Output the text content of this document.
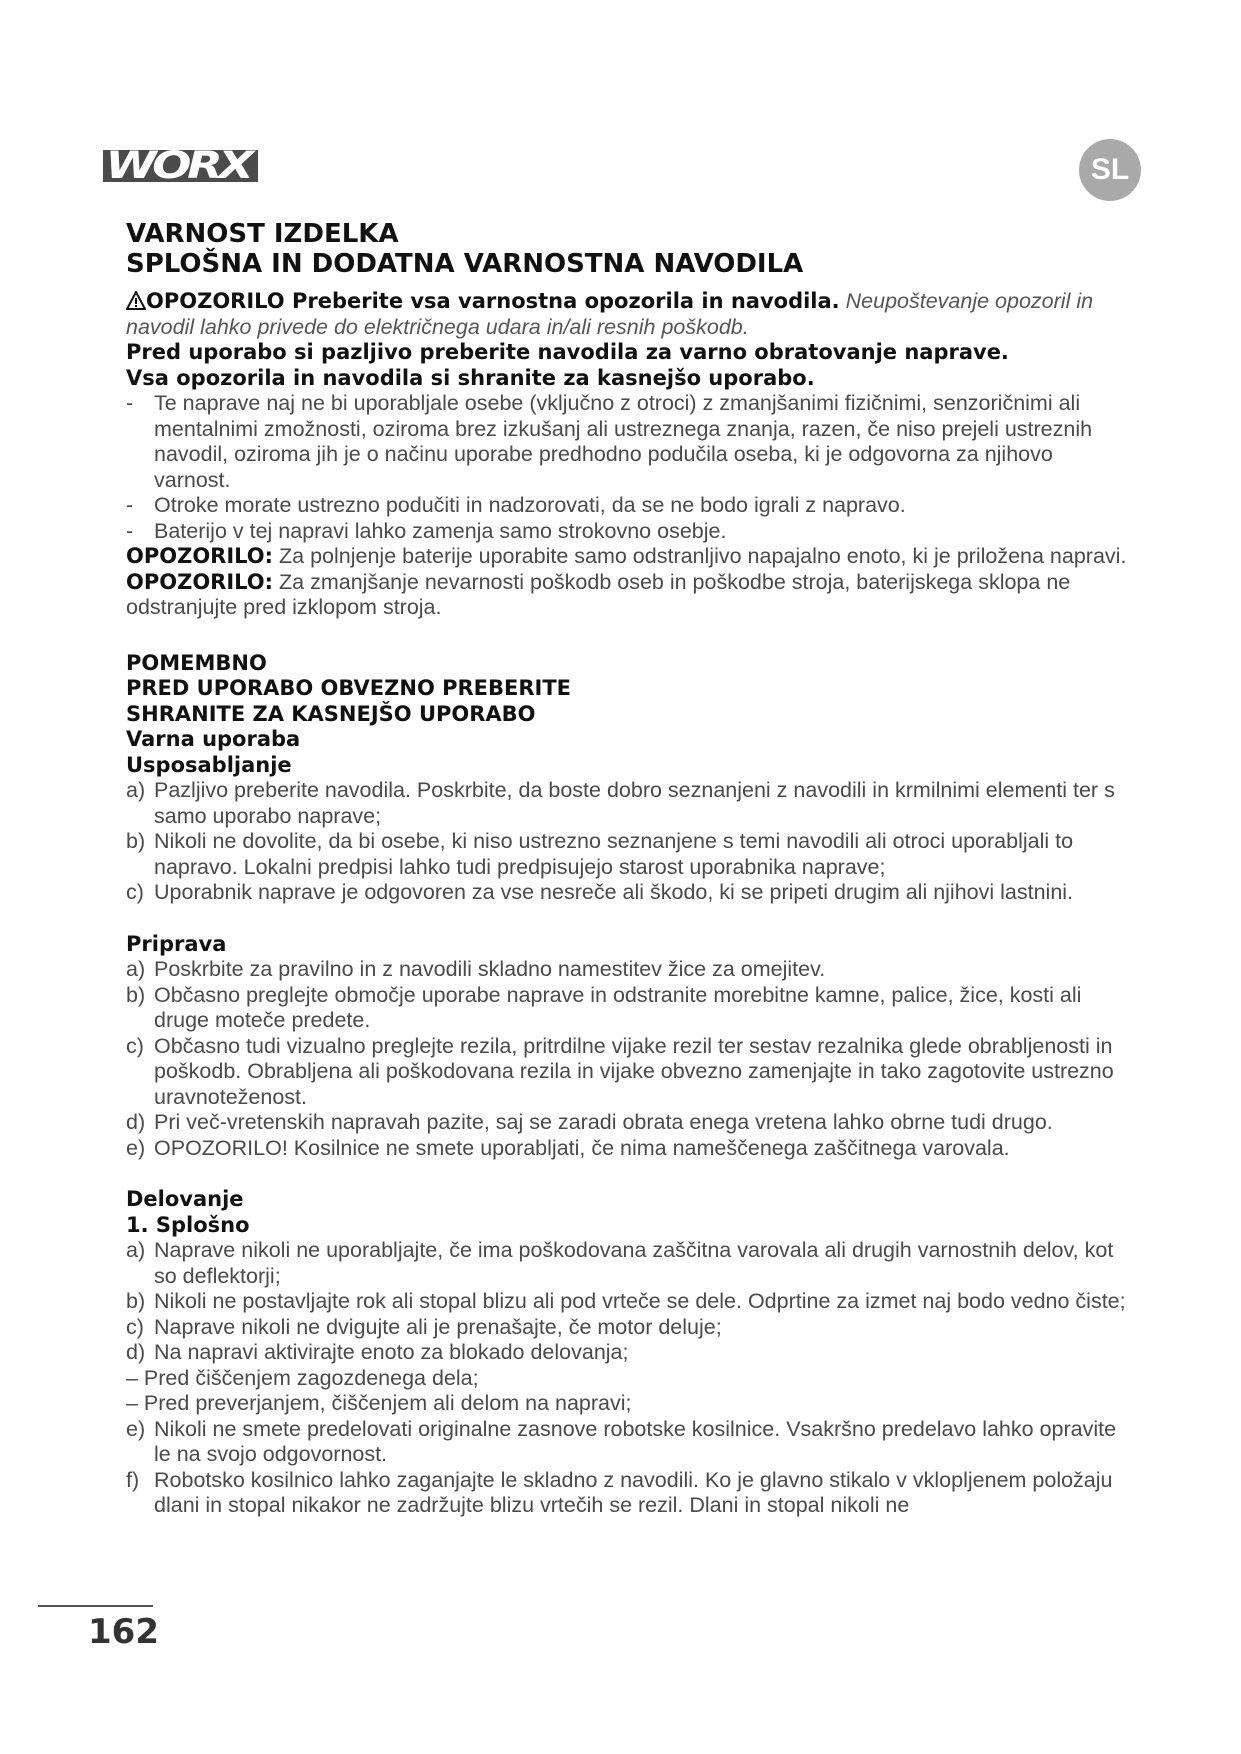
WORX	SL
VARNOST IZDELKA
SPLOŠNA IN DODATNA VARNOSTNA NAVODILA

OPOZORILO Preberite vsa varnostna opozorila in navodila. Neupoštevanje opozoril in navodil lahko privede do električnega udara in/ali resnih poškodb.

Pred uporabo si pazljivo preberite navodila za varno obratovanje naprave.

Vsa opozorila in navodila si shranite za kasnejšo uporabo.

- Te naprave naj ne bi uporabljale osebe (vključno z otroci) z zmanjšanimi fizičnimi, senzoričnimi ali mentalnimi zmožnosti, oziroma brez izkušanj ali ustreznega znanja, razen, če niso prejeli ustreznih navodil, oziroma jih je o načinu uporabe predhodno podučila oseba, ki je odgovorna za njihovo varnost.
- Otroke morate ustrezno podučiti in nadzorovati, da se ne bodo igrali z napravo.
- Baterijo v tej napravi lahko zamenja samo strokovno osebje.

OPOZORILO: Za polnjenje baterije uporabite samo odstranljivo napajalno enoto, ki je priložena napravi.

OPOZORILO: Za zmanjšanje nevarnosti poškodb oseb in poškodbe stroja, baterijskega sklopa ne odstranjujte pred izklopom stroja.

POMEMBNO

PRED UPORABO OBVEZNO PREBERITE

SHRANITE ZA KASNEJŠO UPORABO

Varna uporaba

Usposabljanje

a) Pazljivo preberite navodila. Poskrbite, da boste dobro seznanjeni z navodili in krmilnimi elementi ter s samo uporabo naprave;
b) Nikoli ne dovolite, da bi osebe, ki niso ustrezno seznanjene s temi navodili ali otroci uporabljali to napravo. Lokalni predpisi lahko tudi predpisujejo starost uporabnika naprave;
c) Uporabnik naprave je odgovoren za vse nesreče ali škodo, ki se pripeti drugim ali njihovi lastnini.

Priprava

a) Poskrbite za pravilno in z navodili skladno namestitev žice za omejitev.
b) Občasno preglejte območje uporabe naprave in odstranite morebitne kamne, palice, žice, kosti ali druge moteče predete.
c) Občasno tudi vizualno preglejte rezila, pritrdilne vijake rezil ter sestav rezalnika glede obrabljenosti in poškodb. Obrabljena ali poškodovana rezila in vijake obvezno zamenjajte in tako zagotovite ustrezno uravnoteženost.
d) Pri več-vretenskih napravah pazite, saj se zaradi obrata enega vretena lahko obrne tudi drugo.
e) OPOZORILO! Kosilnice ne smete uporabljati, če nima nameščenega zaščitnega varovala.

Delovanje

1. Splošno

a) Naprave nikoli ne uporabljajte, če ima poškodovana zaščitna varovala ali drugih varnostnih delov, kot so deflektorji;
b) Nikoli ne postavljajte rok ali stopal blizu ali pod vrteče se dele. Odprtine za izmet naj bodo vedno čiste;
c) Naprave nikoli ne dvigujte ali je prenašajte, če motor deluje;
d) Na napravi aktivirajte enoto za blokado delovanja;
– Pred čiščenjem zagozdenega dela;
– Pred preverjanjem, čiščenjem ali delom na napravi;
e) Nikoli ne smete predelovati originalne zasnove robotske kosilnice. Vsakršno predelavo lahko opravite le na svojo odgovornost.
f) Robotsko kosilnico lahko zaganjajte le skladno z navodili. Ko je glavno stikalo v vklopljenem položaju dlani in stopal nikakor ne zadržujte blizu vrtečih se rezil. Dlani in stopal nikoli ne
162
